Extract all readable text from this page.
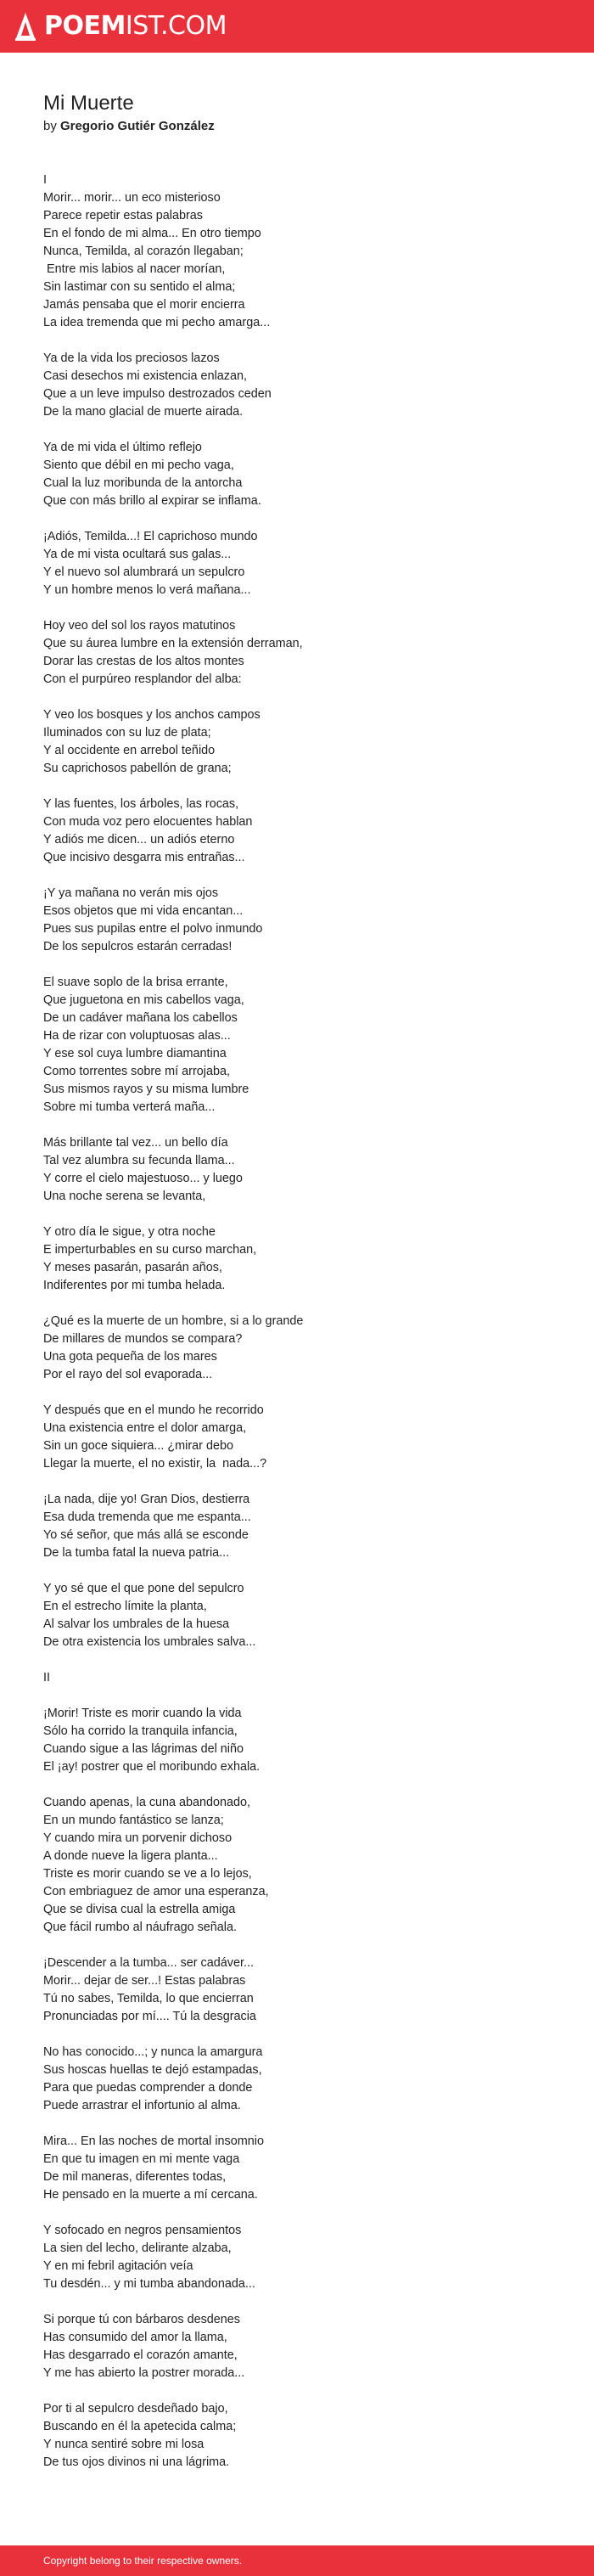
POEMIST.COM
Mi Muerte
by Gregorio Gutiér González
I
Morir... morir... un eco misterioso
Parece repetir estas palabras
En el fondo de mi alma... En otro tiempo
Nunca, Temilda, al corazón llegaban;
Entre mis labios al nacer morían,
Sin lastimar con su sentido el alma;
Jamás pensaba que el morir encierra
La idea tremenda que mi pecho amarga...
Ya de la vida los preciosos lazos
Casi desechos mi existencia enlazan,
Que a un leve impulso destrozados ceden
De la mano glacial de muerte airada.
Ya de mi vida el último reflejo
Siento que débil en mi pecho vaga,
Cual la luz moribunda de la antorcha
Que con más brillo al expirar se inflama.
¡Adiós, Temilda...! El caprichoso mundo
Ya de mi vista ocultará sus galas...
Y el nuevo sol alumbrará un sepulcro
Y un hombre menos lo verá mañana...
Hoy veo del sol los rayos matutinos
Que su áurea lumbre en la extensión derraman,
Dorar las crestas de los altos montes
Con el purpúreo resplandor del alba:
Y veo los bosques y los anchos campos
Iluminados con su luz de plata;
Y al occidente en arrebol teñido
Su caprichosos pabellón de grana;
Y las fuentes, los árboles, las rocas,
Con muda voz pero elocuentes hablan
Y adiós me dicen... un adiós eterno
Que incisivo desgarra mis entrañas...
¡Y ya mañana no verán mis ojos
Esos objetos que mi vida encantan...
Pues sus pupilas entre el polvo inmundo
De los sepulcros estarán cerradas!
El suave soplo de la brisa errante,
Que juguetona en mis cabellos vaga,
De un cadáver mañana los cabellos
Ha de rizar con voluptuosas alas...
Y ese sol cuya lumbre diamantina
Como torrentes sobre mí arrojaba,
Sus mismos rayos y su misma lumbre
Sobre mi tumba verterá maña...
Más brillante tal vez... un bello día
Tal vez alumbra su fecunda llama...
Y corre el cielo majestuoso... y luego
Una noche serena se levanta,
Y otro día le sigue, y otra noche
E imperturbables en su curso marchan,
Y meses pasarán, pasarán años,
Indiferentes por mi tumba helada.
¿Qué es la muerte de un hombre, si a lo grande
De millares de mundos se compara?
Una gota pequeña de los mares
Por el rayo del sol evaporada...
Y después que en el mundo he recorrido
Una existencia entre el dolor amarga,
Sin un goce siquiera... ¿mirar debo
Llegar la muerte, el no existir, la  nada...?
¡La nada, dije yo! Gran Dios, destierra
Esa duda tremenda que me espanta...
Yo sé señor, que más allá se esconde
De la tumba fatal la nueva patria...
Y yo sé que el que pone del sepulcro
En el estrecho límite la planta,
Al salvar los umbrales de la huesa
De otra existencia los umbrales salva...
II
¡Morir! Triste es morir cuando la vida
Sólo ha corrido la tranquila infancia,
Cuando sigue a las lágrimas del niño
El ¡ay! postrer que el moribundo exhala.
Cuando apenas, la cuna abandonado,
En un mundo fantástico se lanza;
Y cuando mira un porvenir dichoso
A donde nueve la ligera planta...
Triste es morir cuando se ve a lo lejos,
Con embriaguez de amor una esperanza,
Que se divisa cual la estrella amiga
Que fácil rumbo al náufrago señala.
¡Descender a la tumba... ser cadáver...
Morir... dejar de ser...! Estas palabras
Tú no sabes, Temilda, lo que encierran
Pronunciadas por mí.... Tú la desgracia
No has conocido...; y nunca la amargura
Sus hoscas huellas te dejó estampadas,
Para que puedas comprender a donde
Puede arrastrar el infortunio al alma.
Mira... En las noches de mortal insomnio
En que tu imagen en mi mente vaga
De mil maneras, diferentes todas,
He pensado en la muerte a mí cercana.
Y sofocado en negros pensamientos
La sien del lecho, delirante alzaba,
Y en mi febril agitación veía
Tu desdén... y mi tumba abandonada...
Si porque tú con bárbaros desdenes
Has consumido del amor la llama,
Has desgarrado el corazón amante,
Y me has abierto la postrer morada...
Por ti al sepulcro desdeñado bajo,
Buscando en él la apetecida calma;
Y nunca sentiré sobre mi losa
De tus ojos divinos ni una lágrima.
Copyright belong to their respective owners.
